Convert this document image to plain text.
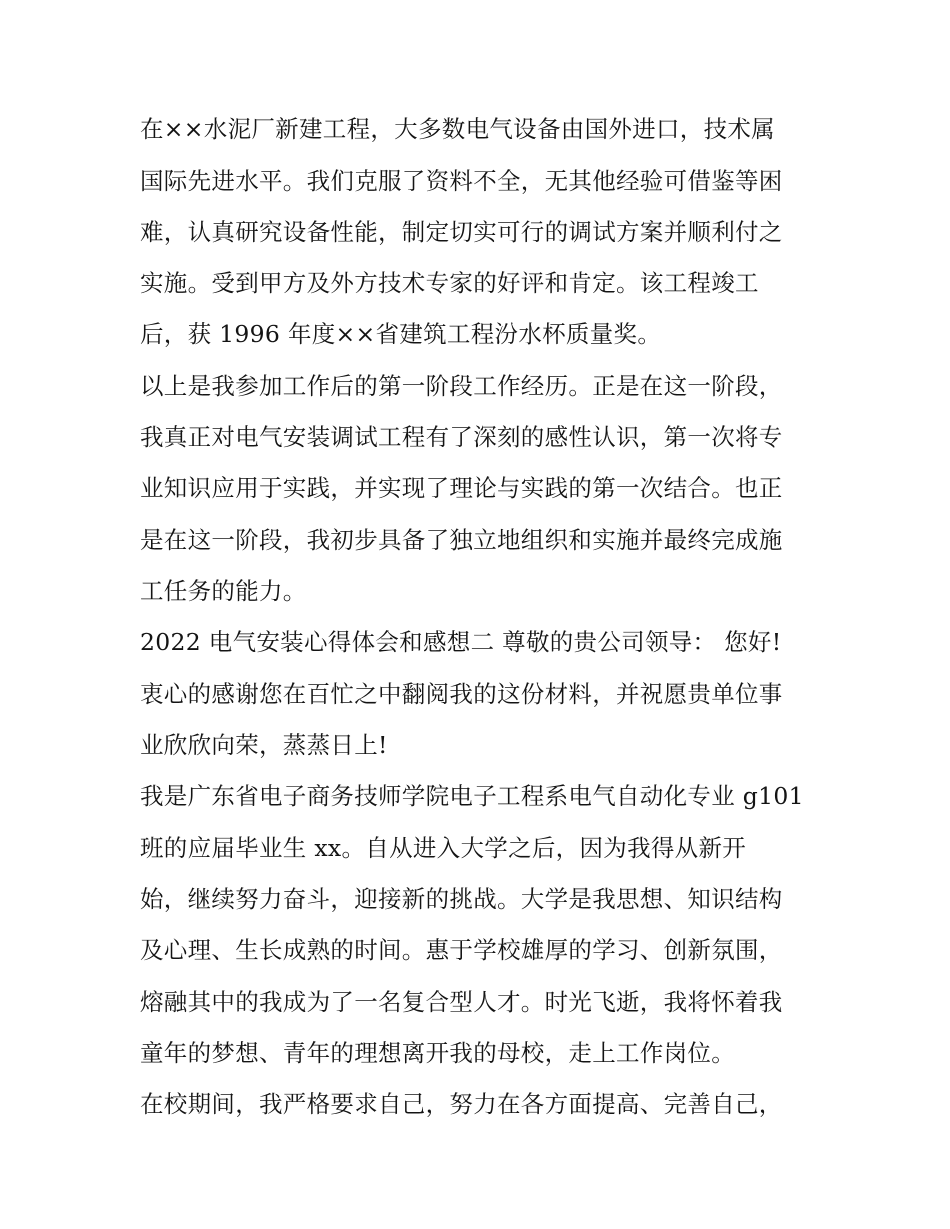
在××水泥厂新建工程，大多数电气设备由国外进口，技术属

国际先进水平。我们克服了资料不全，无其他经验可借鉴等困

难，认真研究设备性能，制定切实可行的调试方案并顺利付之

实施。受到甲方及外方技术专家的好评和肯定。该工程竣工

后，获 1996 年度××省建筑工程汾水杯质量奖。

以上是我参加工作后的第一阶段工作经历。正是在这一阶段，

我真正对电气安装调试工程有了深刻的感性认识，第一次将专

业知识应用于实践，并实现了理论与实践的第一次结合。也正

是在这一阶段，我初步具备了独立地组织和实施并最终完成施

工任务的能力。

2022 电气安装心得体会和感想二 尊敬的贵公司领导： 您好!

衷心的感谢您在百忙之中翻阅我的这份材料，并祝愿贵单位事

业欣欣向荣，蒸蒸日上!

我是广东省电子商务技师学院电子工程系电气自动化专业 g101

班的应届毕业生 xx。自从进入大学之后，因为我得从新开

始，继续努力奋斗，迎接新的挑战。大学是我思想、知识结构

及心理、生长成熟的时间。惠于学校雄厚的学习、创新氛围，

熔融其中的我成为了一名复合型人才。时光飞逝，我将怀着我

童年的梦想、青年的理想离开我的母校，走上工作岗位。

在校期间，我严格要求自己，努力在各方面提高、完善自己，
